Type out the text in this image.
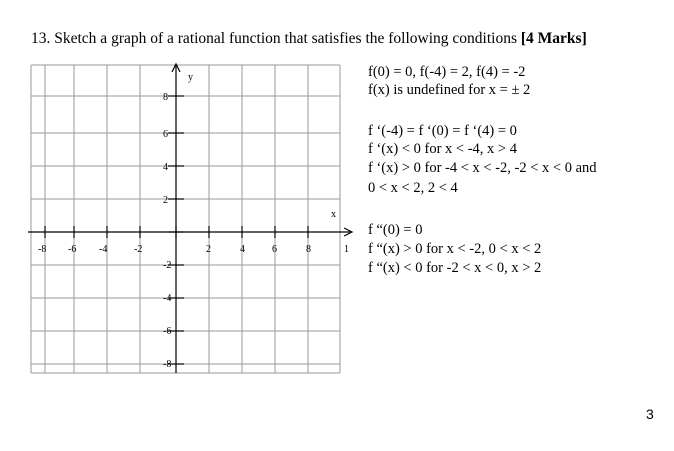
13. Sketch a graph of a rational function that satisfies the following conditions [4 Marks]
-8 -6 -4	-2	2	4	6	8	1
8
6
4
2
-2
-4
-6
-8
y
x
f(0) = 0, f(-4) = 2, f(4) = -2
f(x) is undefined for x = ± 2
f ‘(-4) = f ‘(0) = f ‘(4) = 0
f ‘(x) < 0 for x < -4, x > 4
f ‘(x) > 0 for -4 < x < -2, -2 < x < 0 and
0 < x < 2, 2 < 4
f “(0) = 0
f “(x) > 0 for x < -2, 0 < x < 2
f “(x) < 0 for -2 < x < 0, x > 2
3
